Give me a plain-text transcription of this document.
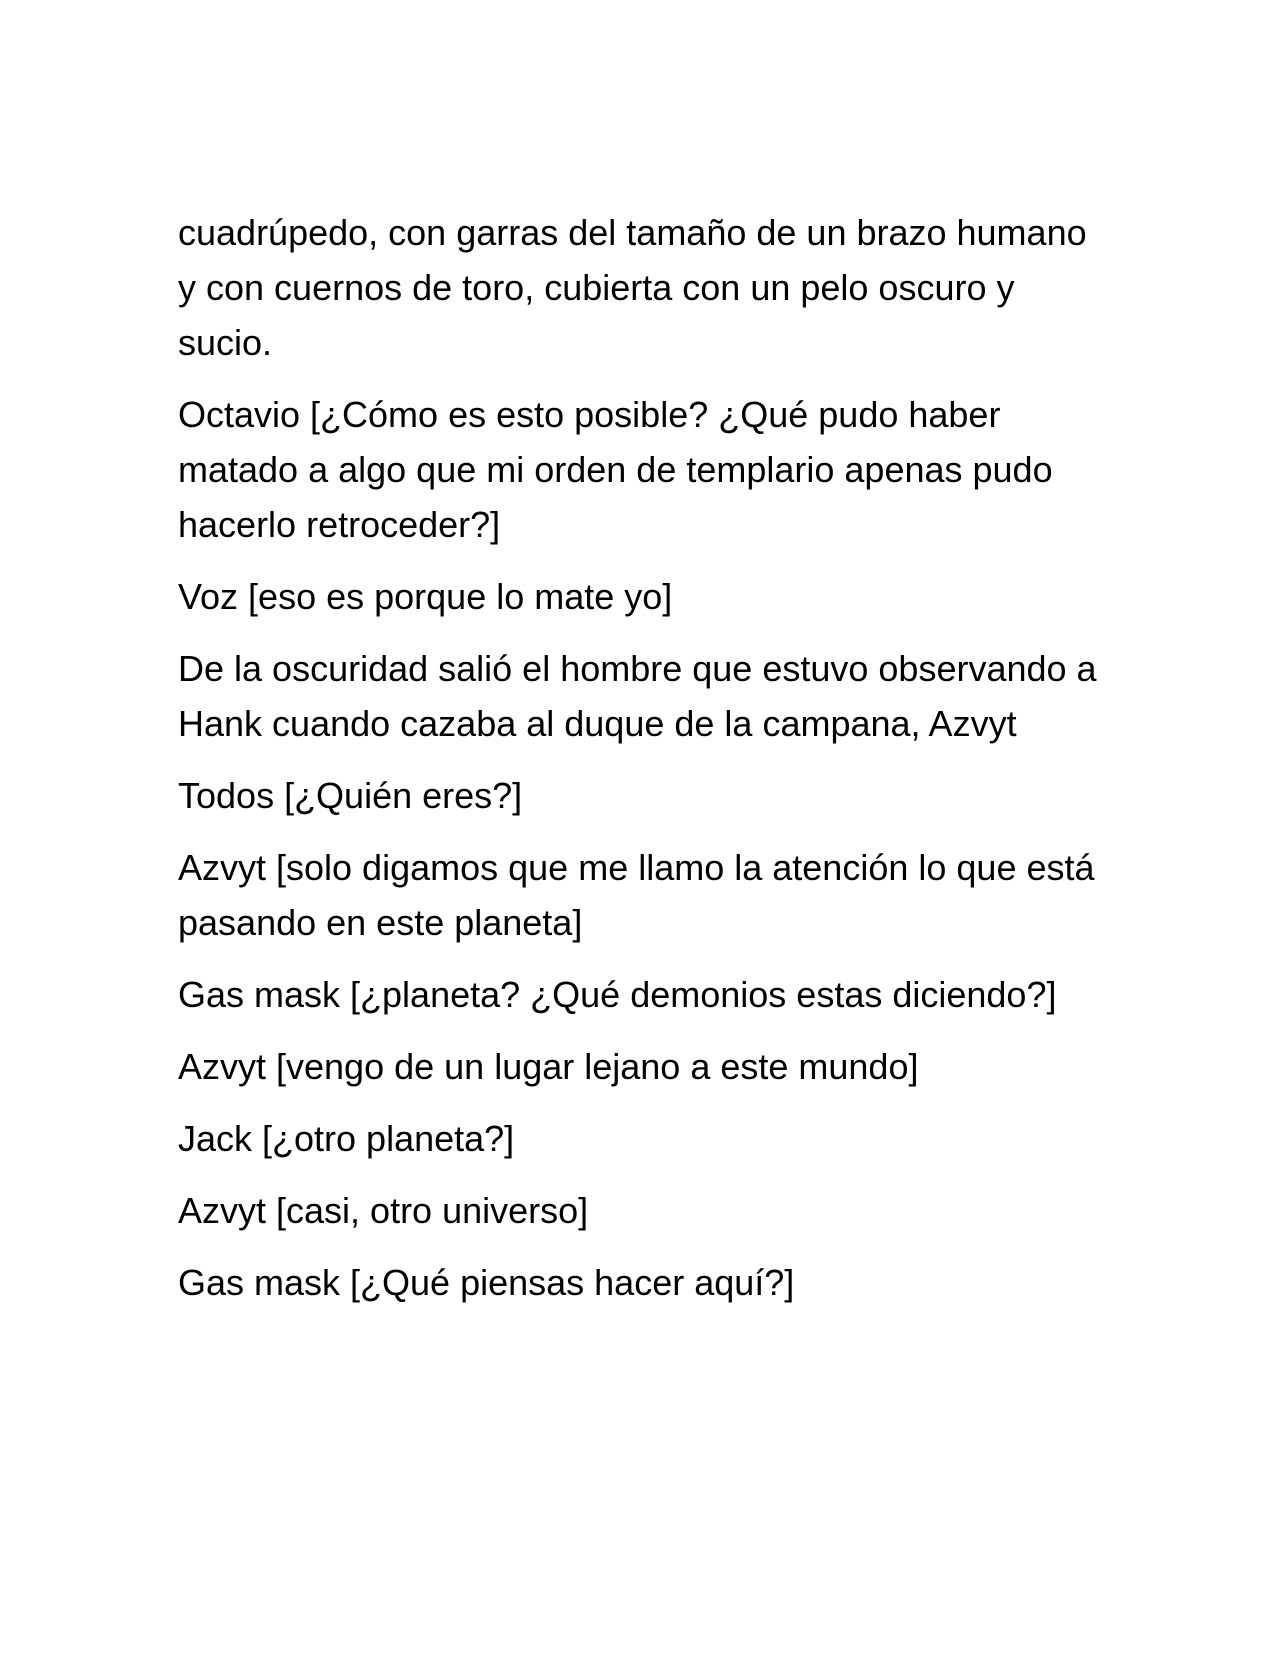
cuadrúpedo, con garras del tamaño de un brazo humano y con cuernos de toro, cubierta con un pelo oscuro y sucio.

Octavio [¿Cómo es esto posible? ¿Qué pudo haber matado a algo que mi orden de templario apenas pudo hacerlo retroceder?]

Voz [eso es porque lo mate yo]

De la oscuridad salió el hombre que estuvo observando a Hank cuando cazaba al duque de la campana, Azvyt

Todos [¿Quién eres?]

Azvyt [solo digamos que me llamo la atención lo que está pasando en este planeta]

Gas mask [¿planeta? ¿Qué demonios estas diciendo?]

Azvyt [vengo de un lugar lejano a este mundo]

Jack [¿otro planeta?]

Azvyt [casi, otro universo]

Gas mask [¿Qué piensas hacer aquí?]
